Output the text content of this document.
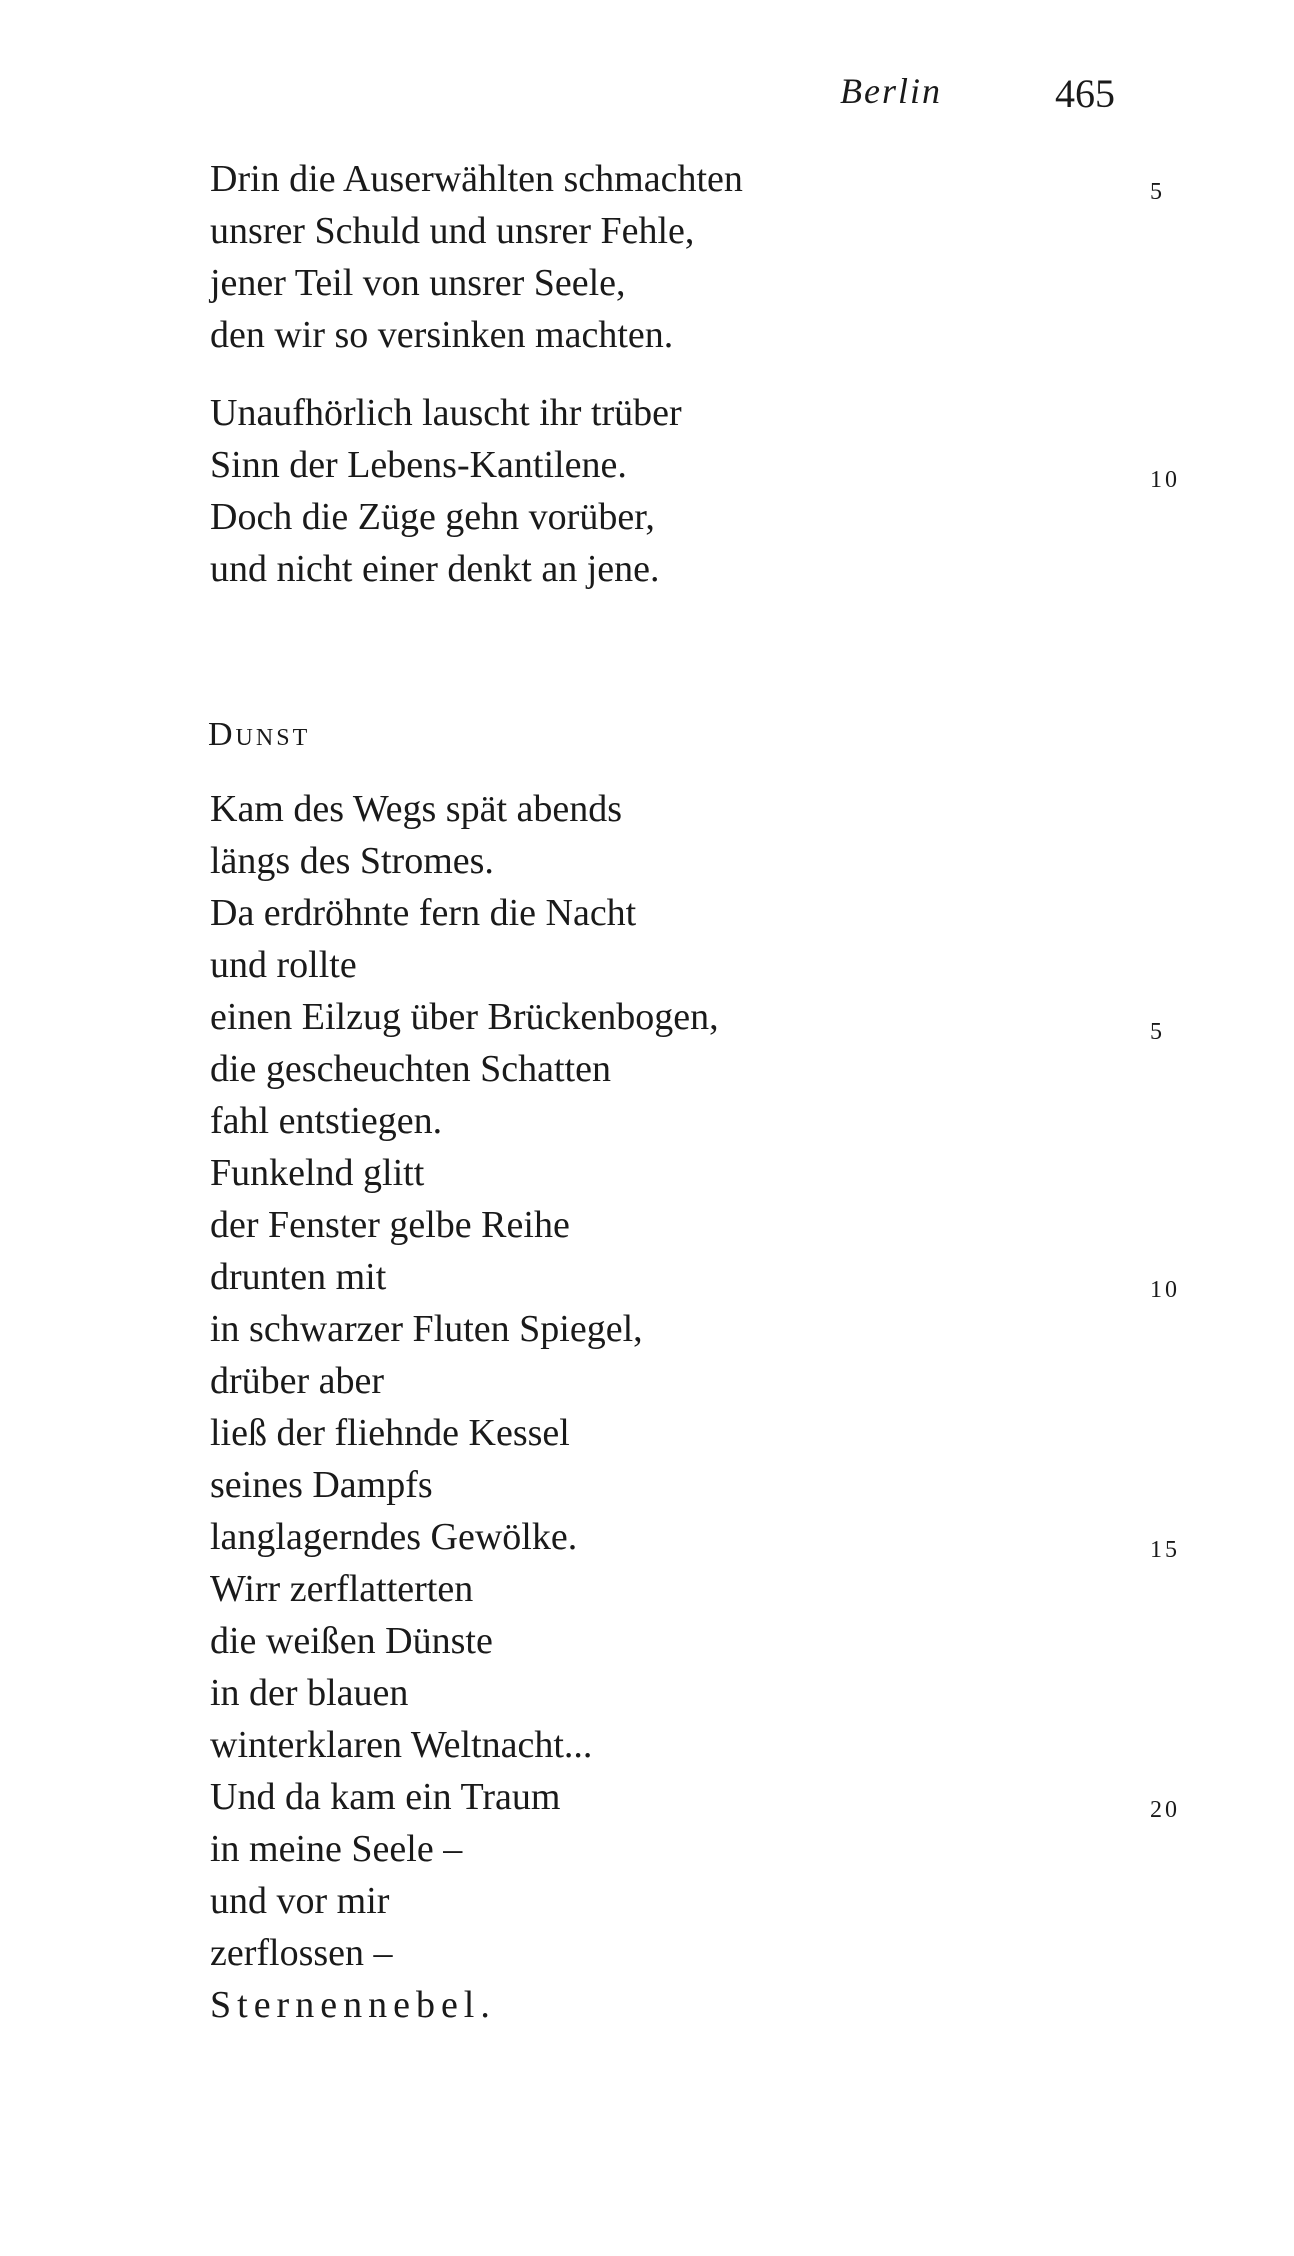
Berlin	465
Drin die Auserwählten schmachten
unsrer Schuld und unsrer Fehle,
jener Teil von unsrer Seele,
den wir so versinken machten.
Unaufhörlich lauscht ihr trüber
Sinn der Lebens-Kantilene.
Doch die Züge gehn vorüber,
und nicht einer denkt an jene.
5
10
Dunst
Kam des Wegs spät abends
längs des Stromes.
Da erdröhnte fern die Nacht
und rollte
einen Eilzug über Brückenbogen,
die gescheuchten Schatten
fahl entstiegen.
Funkelnd glitt
der Fenster gelbe Reihe
drunten mit
in schwarzer Fluten Spiegel,
drüber aber
ließ der fliehnde Kessel
seines Dampfs
langlagerndes Gewölke.
Wirr zerflatterten
die weißen Dünste
in der blauen
winterklaren Weltnacht...
Und da kam ein Traum
in meine Seele –
und vor mir
zerflossen –
Sternennebel.
5
10
15
20
